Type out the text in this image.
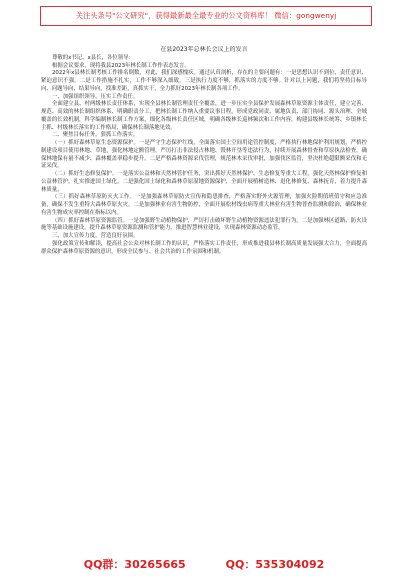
关注头条号"公文研究"，获得最新最全最专业的公文资料库！ 微信：gongwenyj

在县2023年总林长会议上的发言

尊敬的ⅹ书记、ⅹ县长，各位领导：

根据会议要求，现将我县2023年林长制工作作表态发言。

2022年ⅹ县林长制考核工作排名倒数，对此，我们深感愧疚。通过认真剖析，存在的主要问题有：一是思想认识不到位，责任意识、紧迫意识不强。二是工作措施不扎实，工作不够深入细致。三是执行力度不够，抓落实的力度不够。针对以上问题，我们将坚持目标导向、问题导向、结果导向，找准差距，真抓实干，全力抓好2023年林长制各项工作。

一、加强组织领导，压实工作责任。

全面建立县、村两级林长责任体系，实现全县林长制管理责任全覆盖，进一步压实全县保护发展森林草原资源主体责任，建立完善、规范、高效的林长制组织体系、明确职责分工，把林长制工作纳入重要议事日程，形成党政同责、属地负责、部门协同、源头治理、全域覆盖的长效机制，科学编制林长制工作方案，细化各级林长责任区域，明确各级林长巡林频次和工作内容，构建县级林长统筹、乡镇林长主抓、村级林长落实的工作格局，确保林长制落地见效。

二、聚焦目标任务，狠抓工作落实。

（一）抓好森林草原生态资源保护。一是严守生态保护红线，全面落实国土空间用途管控制度，严格执行林地保护利用规划，严格控制建设项目使用林地、草地，强化林地定额管理，严厉打击非法侵占林地、毁林开垦等违法行为，持续开展森林督查和草原执法检查，确保林地保有量不减少、森林覆盖率稳步提升。二是严格森林资源采伐管理，规范林木采伐审批，加强伐区监管，坚决杜绝超限额采伐和无证采伐。

（二）抓好生态修复保护。一是落实公益林和天然林管护任务，突出抓好天然林保护、生态修复等重大工程，强化天然林保护修复和公益林管护，扎实推进国土绿化，二是强化国土绿化和森林草原湿地资源保护，全面开展植树造林、退化林修复、森林抚育，着力提升森林质量。

（三）抓好森林草原防灭火工作。一是加强森林草原防火宣传和隐患排查，严格落实野外火源管理，加强火险期值班值守和应急准备，确保不发生重特大森林草原火灾。二是加强林业有害生物防控，全面开展松材线虫病等重大林业有害生物普查监测和除治，确保林业有害生物成灾率控制在指标以内。

（四）抓好森林草原资源监管。一是加强野生动植物保护，严厉打击破坏野生动植物资源违法犯罪行为。二是加强林区道路、防火设施等基础设施建设，提升森林草原资源监测和管护能力，推进智慧林业建设，实现森林资源动态监管。

三、加大宣传力度，营造良好氛围。

强化政策宣传和解读，提高社会公众对林长制工作的认识，严格落实工作责任，形成推进我县林长制高质量发展强大合力，全面提高群众保护森林草原资源的意识，形成全民参与、社会共治的工作氛围和机制。

QQ群：30265665	QQ：535304092
